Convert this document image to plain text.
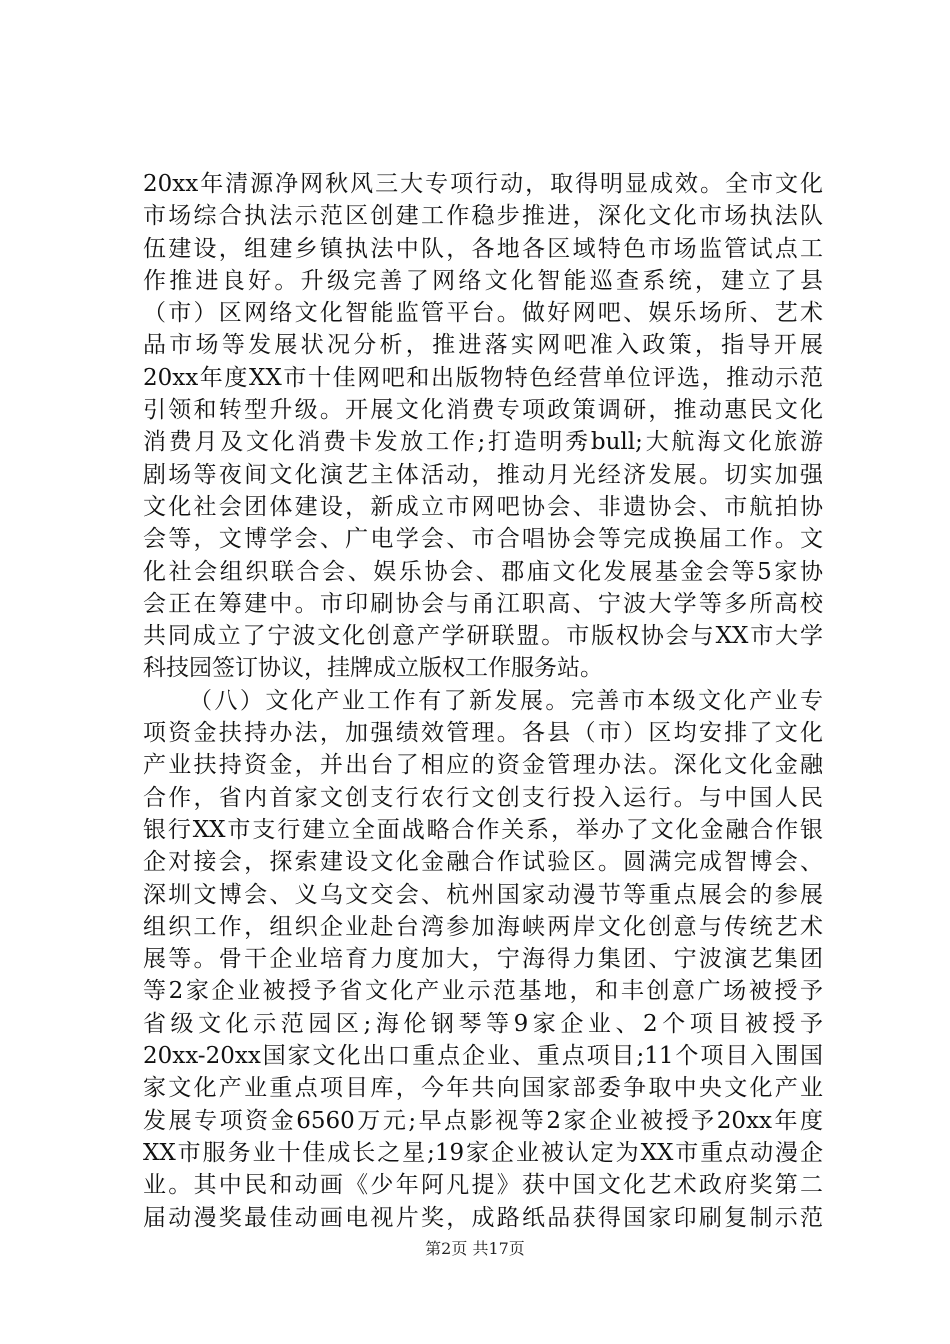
20xx年清源净网秋风三大专项行动，取得明显成效。全市文化
市场综合执法示范区创建工作稳步推进，深化文化市场执法队
伍建设，组建乡镇执法中队，各地各区域特色市场监管试点工
作推进良好。升级完善了网络文化智能巡查系统，建立了县
（市）区网络文化智能监管平台。做好网吧、娱乐场所、艺术
品市场等发展状况分析，推进落实网吧准入政策，指导开展
20xx年度XX市十佳网吧和出版物特色经营单位评选，推动示范
引领和转型升级。开展文化消费专项政策调研，推动惠民文化
消费月及文化消费卡发放工作;打造明秀bull;大航海文化旅游
剧场等夜间文化演艺主体活动，推动月光经济发展。切实加强
文化社会团体建设，新成立市网吧协会、非遗协会、市航拍协
会等，文博学会、广电学会、市合唱协会等完成换届工作。文
化社会组织联合会、娱乐协会、郡庙文化发展基金会等5家协
会正在筹建中。市印刷协会与甬江职高、宁波大学等多所高校
共同成立了宁波文化创意产学研联盟。市版权协会与XX市大学
科技园签订协议，挂牌成立版权工作服务站。
（八）文化产业工作有了新发展。完善市本级文化产业专
项资金扶持办法，加强绩效管理。各县（市）区均安排了文化
产业扶持资金，并出台了相应的资金管理办法。深化文化金融
合作，省内首家文创支行农行文创支行投入运行。与中国人民
银行XX市支行建立全面战略合作关系，举办了文化金融合作银
企对接会，探索建设文化金融合作试验区。圆满完成智博会、
深圳文博会、义乌文交会、杭州国家动漫节等重点展会的参展
组织工作，组织企业赴台湾参加海峡两岸文化创意与传统艺术
展等。骨干企业培育力度加大，宁海得力集团、宁波演艺集团
等2家企业被授予省文化产业示范基地，和丰创意广场被授予
省级文化示范园区;海伦钢琴等9家企业、2个项目被授予
20xx-20xx国家文化出口重点企业、重点项目;11个项目入围国
家文化产业重点项目库，今年共向国家部委争取中央文化产业
发展专项资金6560万元;早点影视等2家企业被授予20xx年度
XX市服务业十佳成长之星;19家企业被认定为XX市重点动漫企
业。其中民和动画《少年阿凡提》获中国文化艺术政府奖第二
届动漫奖最佳动画电视片奖，成路纸品获得国家印刷复制示范
第2页 共17页
